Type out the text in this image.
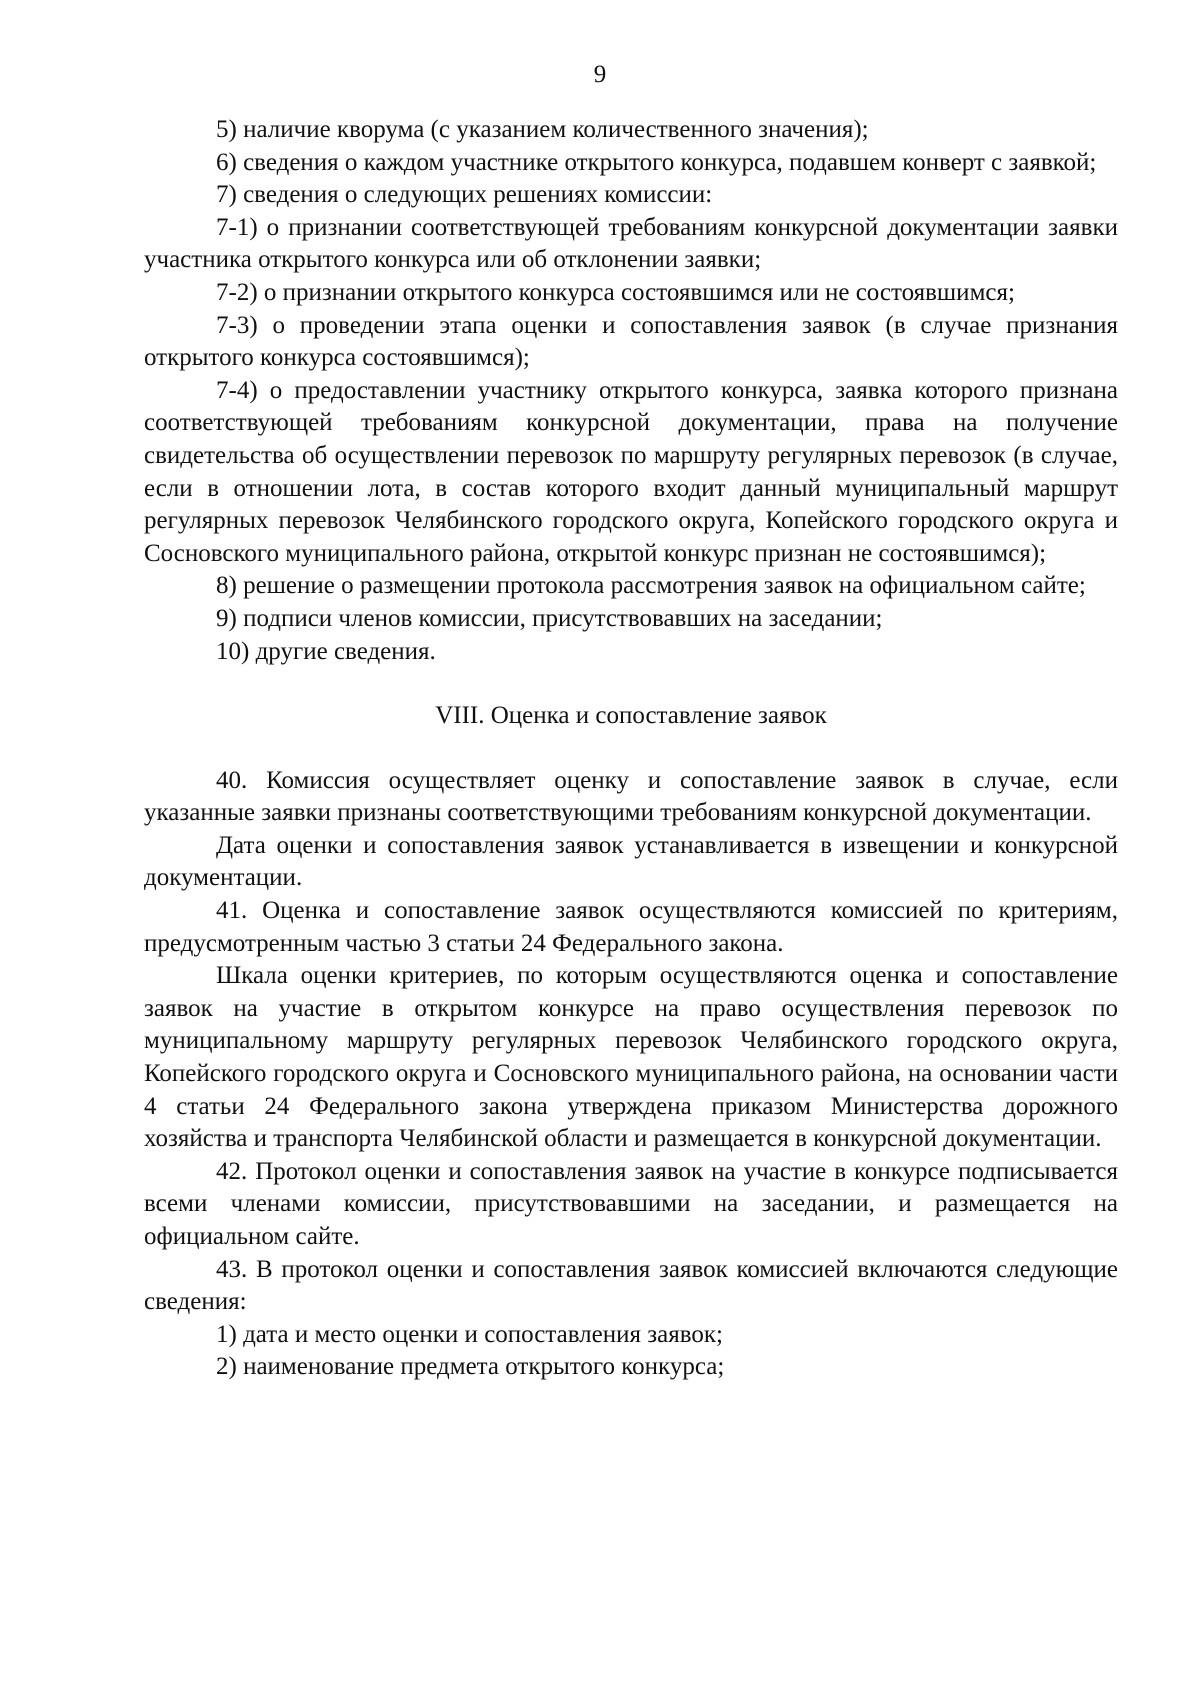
9

5) наличие кворума (с указанием количественного значения);

6) сведения о каждом участнике открытого конкурса, подавшем конверт с заявкой;

7) сведения о следующих решениях комиссии:

7-1) о признании соответствующей требованиям конкурсной документации заявки участника открытого конкурса или об отклонении заявки;

7-2) о признании открытого конкурса состоявшимся или не состоявшимся;

7-3) о проведении этапа оценки и сопоставления заявок (в случае признания открытого конкурса состоявшимся);

7-4) о предоставлении участнику открытого конкурса, заявка которого признана соответствующей требованиям конкурсной документации, права на получение свидетельства об осуществлении перевозок по маршруту регулярных перевозок (в случае, если в отношении лота, в состав которого входит данный муниципальный маршрут регулярных перевозок Челябинского городского округа, Копейского городского округа и Сосновского муниципального района, открытой конкурс признан не состоявшимся);

8) решение о размещении протокола рассмотрения заявок на официальном сайте;

9) подписи членов комиссии, присутствовавших на заседании;

10) другие сведения.

VIII. Оценка и сопоставление заявок

40. Комиссия осуществляет оценку и сопоставление заявок в случае, если указанные заявки признаны соответствующими требованиям конкурсной документации.

Дата оценки и сопоставления заявок устанавливается в извещении и конкурсной документации.

41. Оценка и сопоставление заявок осуществляются комиссией по критериям, предусмотренным частью 3 статьи 24 Федерального закона.

Шкала оценки критериев, по которым осуществляются оценка и сопоставление заявок на участие в открытом конкурсе на право осуществления перевозок по муниципальному маршруту регулярных перевозок Челябинского городского округа, Копейского городского округа и Сосновского муниципального района, на основании части 4 статьи 24 Федерального закона утверждена приказом Министерства дорожного хозяйства и транспорта Челябинской области и размещается в конкурсной документации.

42. Протокол оценки и сопоставления заявок на участие в конкурсе подписывается всеми членами комиссии, присутствовавшими на заседании, и размещается на официальном сайте.

43. В протокол оценки и сопоставления заявок комиссией включаются следующие сведения:

1) дата и место оценки и сопоставления заявок;

2) наименование предмета открытого конкурса;
